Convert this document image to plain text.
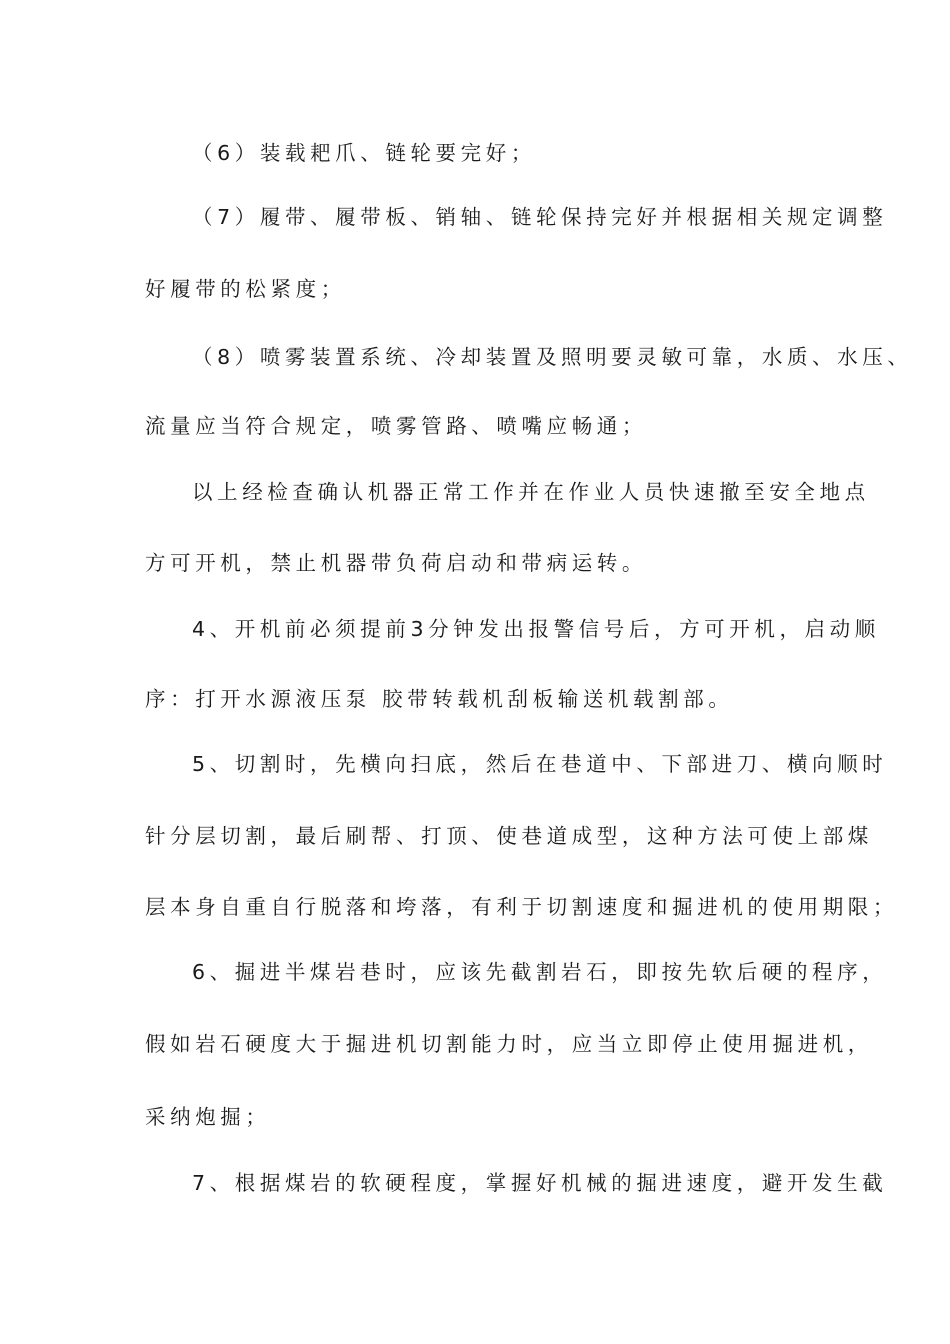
（6）装载耙爪、链轮要完好；
（7）履带、履带板、销轴、链轮保持完好并根据相关规定调整
好履带的松紧度；
（8）喷雾装置系统、冷却装置及照明要灵敏可靠，水质、水压、
流量应当符合规定，喷雾管路、喷嘴应畅通；
以上经检查确认机器正常工作并在作业人员快速撤至安全地点
方可开机，禁止机器带负荷启动和带病运转。
4、开机前必须提前3分钟发出报警信号后，方可开机，启动顺
序：打开水源液压泵 胶带转载机刮板输送机载割部。
5、切割时，先横向扫底，然后在巷道中、下部进刀、横向顺时
针分层切割，最后刷帮、打顶、使巷道成型，这种方法可使上部煤
层本身自重自行脱落和垮落，有利于切割速度和掘进机的使用期限；
6、掘进半煤岩巷时，应该先截割岩石，即按先软后硬的程序，
假如岩石硬度大于掘进机切割能力时，应当立即停止使用掘进机，
采纳炮掘；
7、根据煤岩的软硬程度，掌握好机械的掘进速度，避开发生截
